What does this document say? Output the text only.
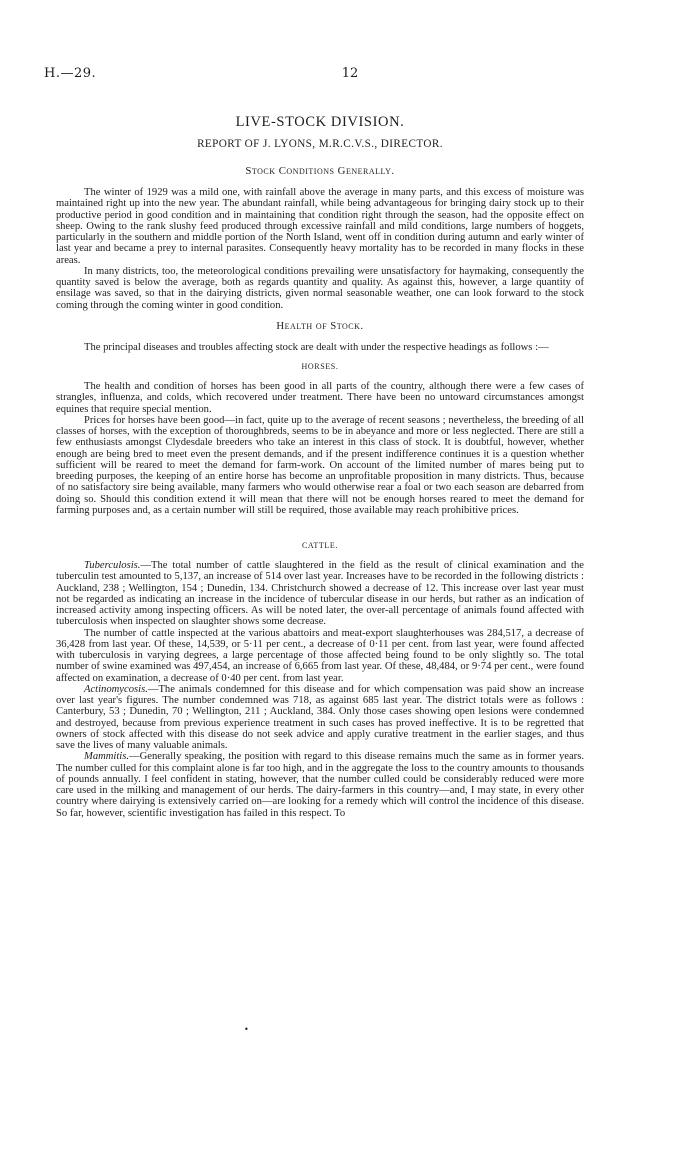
H.—29.	12
LIVE-STOCK DIVISION.
REPORT OF J. LYONS, M.R.C.V.S., DIRECTOR.
Stock Conditions Generally.

The winter of 1929 was a mild one, with rainfall above the average in many parts, and this excess of moisture was maintained right up into the new year. The abundant rainfall, while being advantageous for bringing dairy stock up to their productive period in good condition and in maintaining that condition right through the season, had the opposite effect on sheep. Owing to the rank slushy feed produced through excessive rainfall and mild conditions, large numbers of hoggets, particularly in the southern and middle portion of the North Island, went off in condition during autumn and early winter of last year and became a prey to internal parasites. Consequently heavy mortality has to be recorded in many flocks in these areas.

In many districts, too, the meteorological conditions prevailing were unsatisfactory for haymaking, consequently the quantity saved is below the average, both as regards quantity and quality. As against this, however, a large quantity of ensilage was saved, so that in the dairying districts, given normal seasonable weather, one can look forward to the stock coming through the coming winter in good condition.

Health of Stock.

The principal diseases and troubles affecting stock are dealt with under the respective headings as follows :—

HORSES.

The health and condition of horses has been good in all parts of the country, although there were a few cases of strangles, influenza, and colds, which recovered under treatment. There have been no untoward circumstances amongst equines that require special mention.

Prices for horses have been good—in fact, quite up to the average of recent seasons ; nevertheless, the breeding of all classes of horses, with the exception of thoroughbreds, seems to be in abeyance and more or less neglected. There are still a few enthusiasts amongst Clydesdale breeders who take an interest in this class of stock. It is doubtful, however, whether enough are being bred to meet even the present demands, and if the present indifference continues it is a question whether sufficient will be reared to meet the demand for farm-work. On account of the limited number of mares being put to breeding purposes, the keeping of an entire horse has become an unprofitable proposition in many districts. Thus, because of no satisfactory sire being available, many farmers who would otherwise rear a foal or two each season are debarred from doing so. Should this condition extend it will mean that there will not be enough horses reared to meet the demand for farming purposes and, as a certain number will still be required, those available may reach prohibitive prices.

CATTLE.

Tuberculosis.—The total number of cattle slaughtered in the field as the result of clinical examination and the tuberculin test amounted to 5,137, an increase of 514 over last year. Increases have to be recorded in the following districts : Auckland, 238 ; Wellington, 154 ; Dunedin, 134. Christchurch showed a decrease of 12. This increase over last year must not be regarded as indicating an increase in the incidence of tubercular disease in our herds, but rather as an indication of increased activity among inspecting officers. As will be noted later, the over-all percentage of animals found affected with tuberculosis when inspected on slaughter shows some decrease.

The number of cattle inspected at the various abattoirs and meat-export slaughterhouses was 284,517, a decrease of 36,428 from last year. Of these, 14,539, or 5·11 per cent., a decrease of 0·11 per cent. from last year, were found affected with tuberculosis in varying degrees, a large percentage of those affected being found to be only slightly so. The total number of swine examined was 497,454, an increase of 6,665 from last year. Of these, 48,484, or 9·74 per cent., were found affected on examination, a decrease of 0·40 per cent. from last year.

Actinomycosis.—The animals condemned for this disease and for which compensation was paid show an increase over last year's figures. The number condemned was 718, as against 685 last year. The district totals were as follows : Canterbury, 53 ; Dunedin, 70 ; Wellington, 211 ; Auckland, 384. Only those cases showing open lesions were condemned and destroyed, because from previous experience treatment in such cases has proved ineffective. It is to be regretted that owners of stock affected with this disease do not seek advice and apply curative treatment in the earlier stages, and thus save the lives of many valuable animals.

Mammitis.—Generally speaking, the position with regard to this disease remains much the same as in former years. The number culled for this complaint alone is far too high, and in the aggregate the loss to the country amounts to thousands of pounds annually. I feel confident in stating, however, that the number culled could be considerably reduced were more care used in the milking and management of our herds. The dairy-farmers in this country—and, I may state, in every other country where dairying is extensively carried on—are looking for a remedy which will control the incidence of this disease. So far, however, scientific investigation has failed in this respect. To

•
